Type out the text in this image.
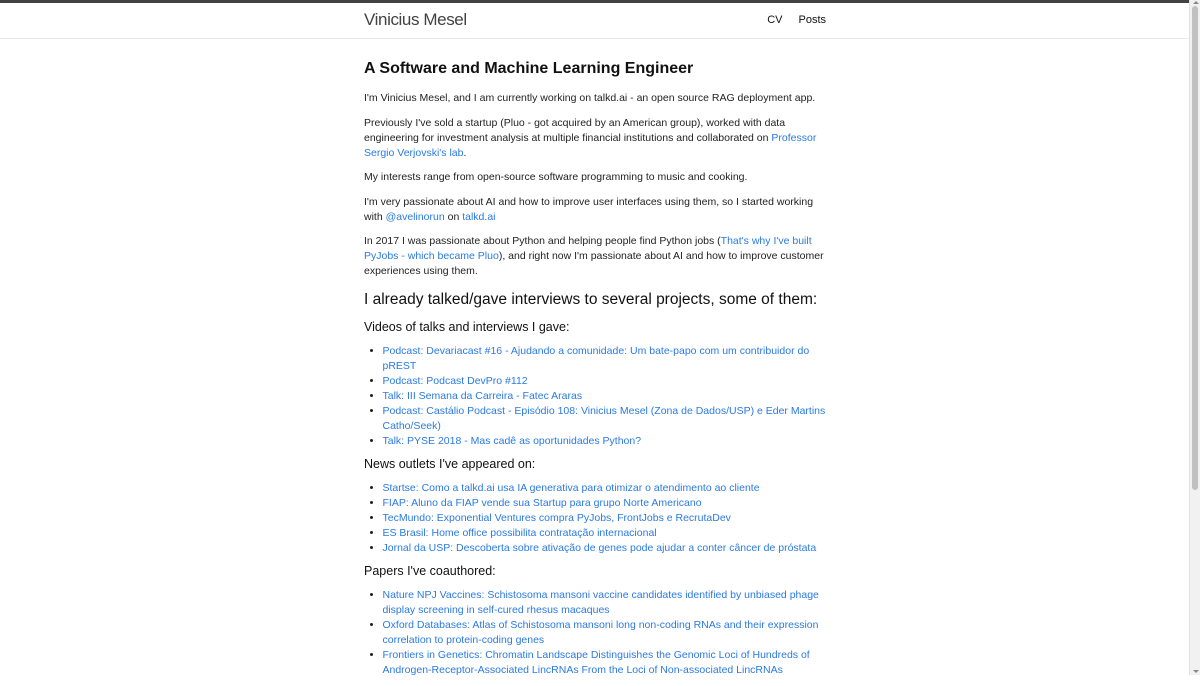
Vinicius Mesel	CV Posts
A Software and Machine Learning Engineer

I'm Vinicius Mesel, and I am currently working on talkd.ai - an open source RAG deployment app.

Previously I've sold a startup (Pluo - got acquired by an American group), worked with data engineering for investment analysis at multiple financial institutions and collaborated on Professor Sergio Verjovski's lab.

My interests range from open-source software programming to music and cooking.

I'm very passionate about AI and how to improve user interfaces using them, so I started working with @avelinorun on talkd.ai

In 2017 I was passionate about Python and helping people find Python jobs (That's why I've built PyJobs - which became Pluo), and right now I'm passionate about AI and how to improve customer experiences using them.

I already talked/gave interviews to several projects, some of them:
Videos of talks and interviews I gave:
• Podcast: Devariacast #16 - Ajudando a comunidade: Um bate-papo com um contribuidor do pREST
• Podcast: Podcast DevPro #112
• Talk: III Semana da Carreira - Fatec Araras
• Podcast: Castálio Podcast - Episódio 108: Vinicius Mesel (Zona de Dados/USP) e Eder Martins Catho/Seek)
• Talk: PYSE 2018 - Mas cadê as oportunidades Python?
News outlets I've appeared on:
• Startse: Como a talkd.ai usa IA generativa para otimizar o atendimento ao cliente
• FIAP: Aluno da FIAP vende sua Startup para grupo Norte Americano
• TecMundo: Exponential Ventures compra PyJobs, FrontJobs e RecrutaDev
• ES Brasil: Home office possibilita contratação internacional
• Jornal da USP: Descoberta sobre ativação de genes pode ajudar a conter câncer de próstata
Papers I've coauthored:
• Nature NPJ Vaccines: Schistosoma mansoni vaccine candidates identified by unbiased phage display screening in self-cured rhesus macaques
• Oxford Databases: Atlas of Schistosoma mansoni long non-coding RNAs and their expression correlation to protein-coding genes
• Frontiers in Genetics: Chromatin Landscape Distinguishes the Genomic Loci of Hundreds of Androgen-Receptor-Associated LincRNAs From the Loci of Non-associated LincRNAs
